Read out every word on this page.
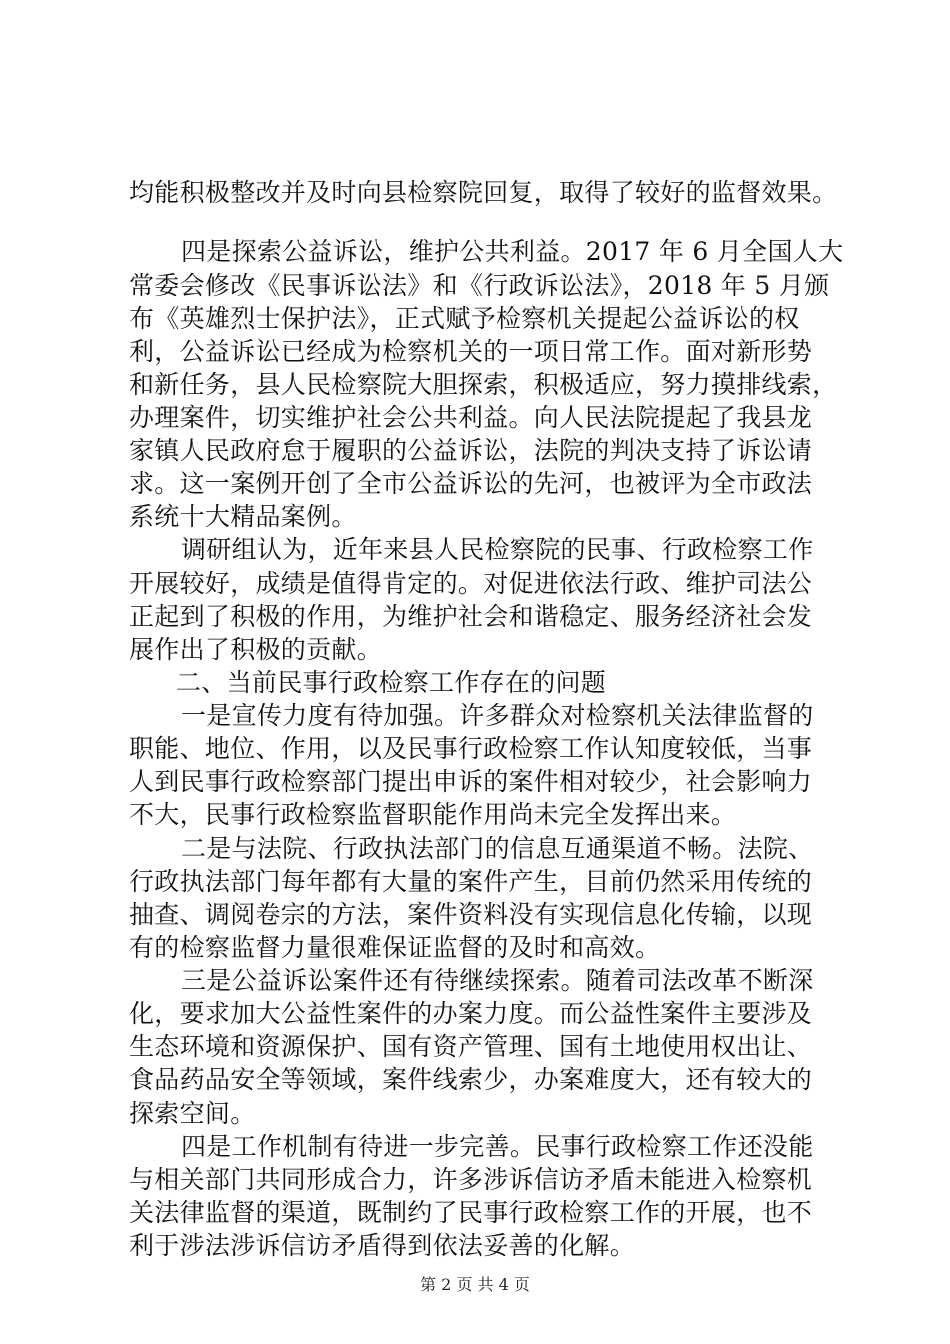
均能积极整改并及时向县检察院回复，取得了较好的监督效果。
四是探索公益诉讼，维护公共利益。2017 年 6 月全国人大
常委会修改《民事诉讼法》和《行政诉讼法》，2018 年 5 月颁
布《英雄烈士保护法》，正式赋予检察机关提起公益诉讼的权
利，公益诉讼已经成为检察机关的一项日常工作。面对新形势
和新任务，县人民检察院大胆探索，积极适应，努力摸排线索，
办理案件，切实维护社会公共利益。向人民法院提起了我县龙
家镇人民政府怠于履职的公益诉讼，法院的判决支持了诉讼请
求。这一案例开创了全市公益诉讼的先河，也被评为全市政法
系统十大精品案例。
调研组认为，近年来县人民检察院的民事、行政检察工作
开展较好，成绩是值得肯定的。对促进依法行政、维护司法公
正起到了积极的作用，为维护社会和谐稳定、服务经济社会发
展作出了积极的贡献。
二、当前民事行政检察工作存在的问题
一是宣传力度有待加强。许多群众对检察机关法律监督的
职能、地位、作用，以及民事行政检察工作认知度较低，当事
人到民事行政检察部门提出申诉的案件相对较少，社会影响力
不大，民事行政检察监督职能作用尚未完全发挥出来。
二是与法院、行政执法部门的信息互通渠道不畅。法院、
行政执法部门每年都有大量的案件产生，目前仍然采用传统的
抽查、调阅卷宗的方法，案件资料没有实现信息化传输，以现
有的检察监督力量很难保证监督的及时和高效。
三是公益诉讼案件还有待继续探索。随着司法改革不断深
化，要求加大公益性案件的办案力度。而公益性案件主要涉及
生态环境和资源保护、国有资产管理、国有土地使用权出让、
食品药品安全等领域，案件线索少，办案难度大，还有较大的
探索空间。
四是工作机制有待进一步完善。民事行政检察工作还没能
与相关部门共同形成合力，许多涉诉信访矛盾未能进入检察机
关法律监督的渠道，既制约了民事行政检察工作的开展，也不
利于涉法涉诉信访矛盾得到依法妥善的化解。
第 2 页 共 4 页
